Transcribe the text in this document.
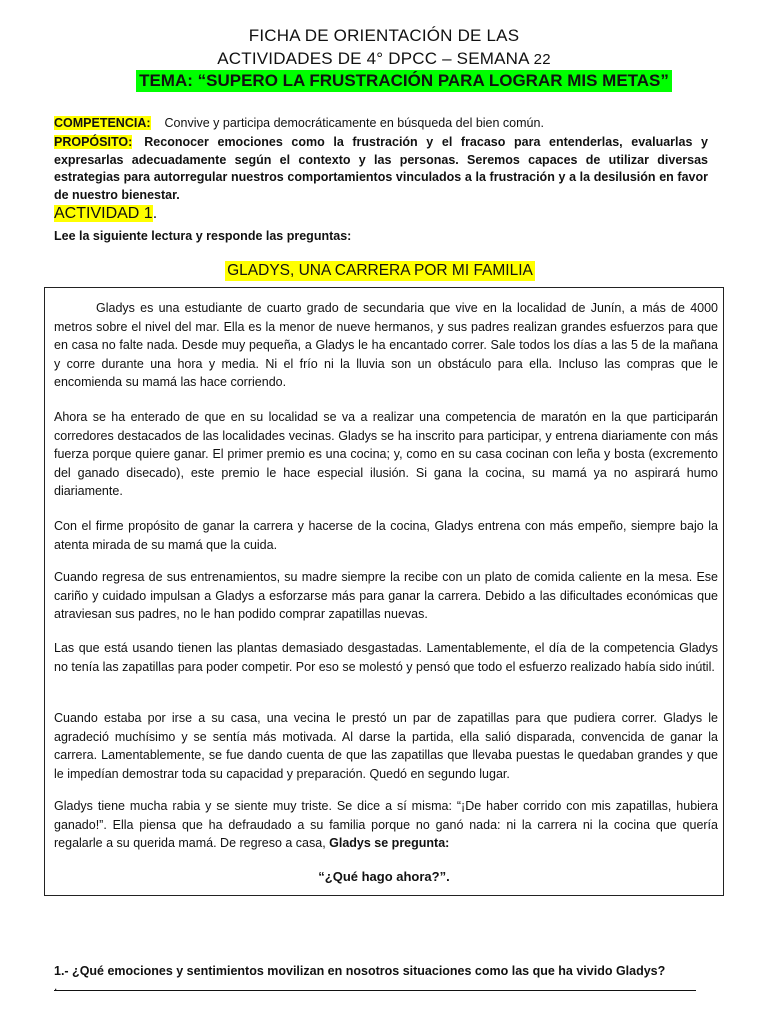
FICHA DE ORIENTACIÓN DE LAS
ACTIVIDADES DE 4° DPCC – SEMANA 22
TEMA: “SUPERO LA FRUSTRACIÓN PARA LOGRAR MIS METAS”
COMPETENCIA: Convive y participa democráticamente en búsqueda del bien común.
PROPÓSITO: Reconocer emociones como la frustración y el fracaso para entenderlas, evaluarlas y expresarlas adecuadamente según el contexto y las personas. Seremos capaces de utilizar diversas estrategias para autorregular nuestros comportamientos vinculados a la frustración y a la desilusión en favor de nuestro bienestar.
ACTIVIDAD 1.
Lee la siguiente lectura y responde las preguntas:
GLADYS, UNA CARRERA POR MI FAMILIA

Gladys es una estudiante de cuarto grado de secundaria que vive en la localidad de Junín, a más de 4000 metros sobre el nivel del mar. Ella es la menor de nueve hermanos, y sus padres realizan grandes esfuerzos para que en casa no falte nada. Desde muy pequeña, a Gladys le ha encantado correr. Sale todos los días a las 5 de la mañana y corre durante una hora y media. Ni el frío ni la lluvia son un obstáculo para ella. Incluso las compras que le encomienda su mamá las hace corriendo.

Ahora se ha enterado de que en su localidad se va a realizar una competencia de maratón en la que participarán corredores destacados de las localidades vecinas. Gladys se ha inscrito para participar, y entrena diariamente con más fuerza porque quiere ganar. El primer premio es una cocina; y, como en su casa cocinan con leña y bosta (excremento del ganado disecado), este premio le hace especial ilusión. Si gana la cocina, su mamá ya no aspirará humo diariamente.

Con el firme propósito de ganar la carrera y hacerse de la cocina, Gladys entrena con más empeño, siempre bajo la atenta mirada de su mamá que la cuida.

Cuando regresa de sus entrenamientos, su madre siempre la recibe con un plato de comida caliente en la mesa. Ese cariño y cuidado impulsan a Gladys a esforzarse más para ganar la carrera. Debido a las dificultades económicas que atraviesan sus padres, no le han podido comprar zapatillas nuevas.

Las que está usando tienen las plantas demasiado desgastadas. Lamentablemente, el día de la competencia Gladys no tenía las zapatillas para poder competir. Por eso se molestó y pensó que todo el esfuerzo realizado había sido inútil.

Cuando estaba por irse a su casa, una vecina le prestó un par de zapatillas para que pudiera correr. Gladys le agradeció muchísimo y se sentía más motivada. Al darse la partida, ella salió disparada, convencida de ganar la carrera. Lamentablemente, se fue dando cuenta de que las zapatillas que llevaba puestas le quedaban grandes y que le impedían demostrar toda su capacidad y preparación. Quedó en segundo lugar.

Gladys tiene mucha rabia y se siente muy triste. Se dice a sí misma: “¡De haber corrido con mis zapatillas, hubiera ganado!”. Ella piensa que ha defraudado a su familia porque no ganó nada: ni la carrera ni la cocina que quería regalarle a su querida mamá. De regreso a casa, Gladys se pregunta:

“¿Qué hago ahora?”.
1.- ¿Qué emociones y sentimientos movilizan en nosotros situaciones como las que ha vivido Gladys?
.
